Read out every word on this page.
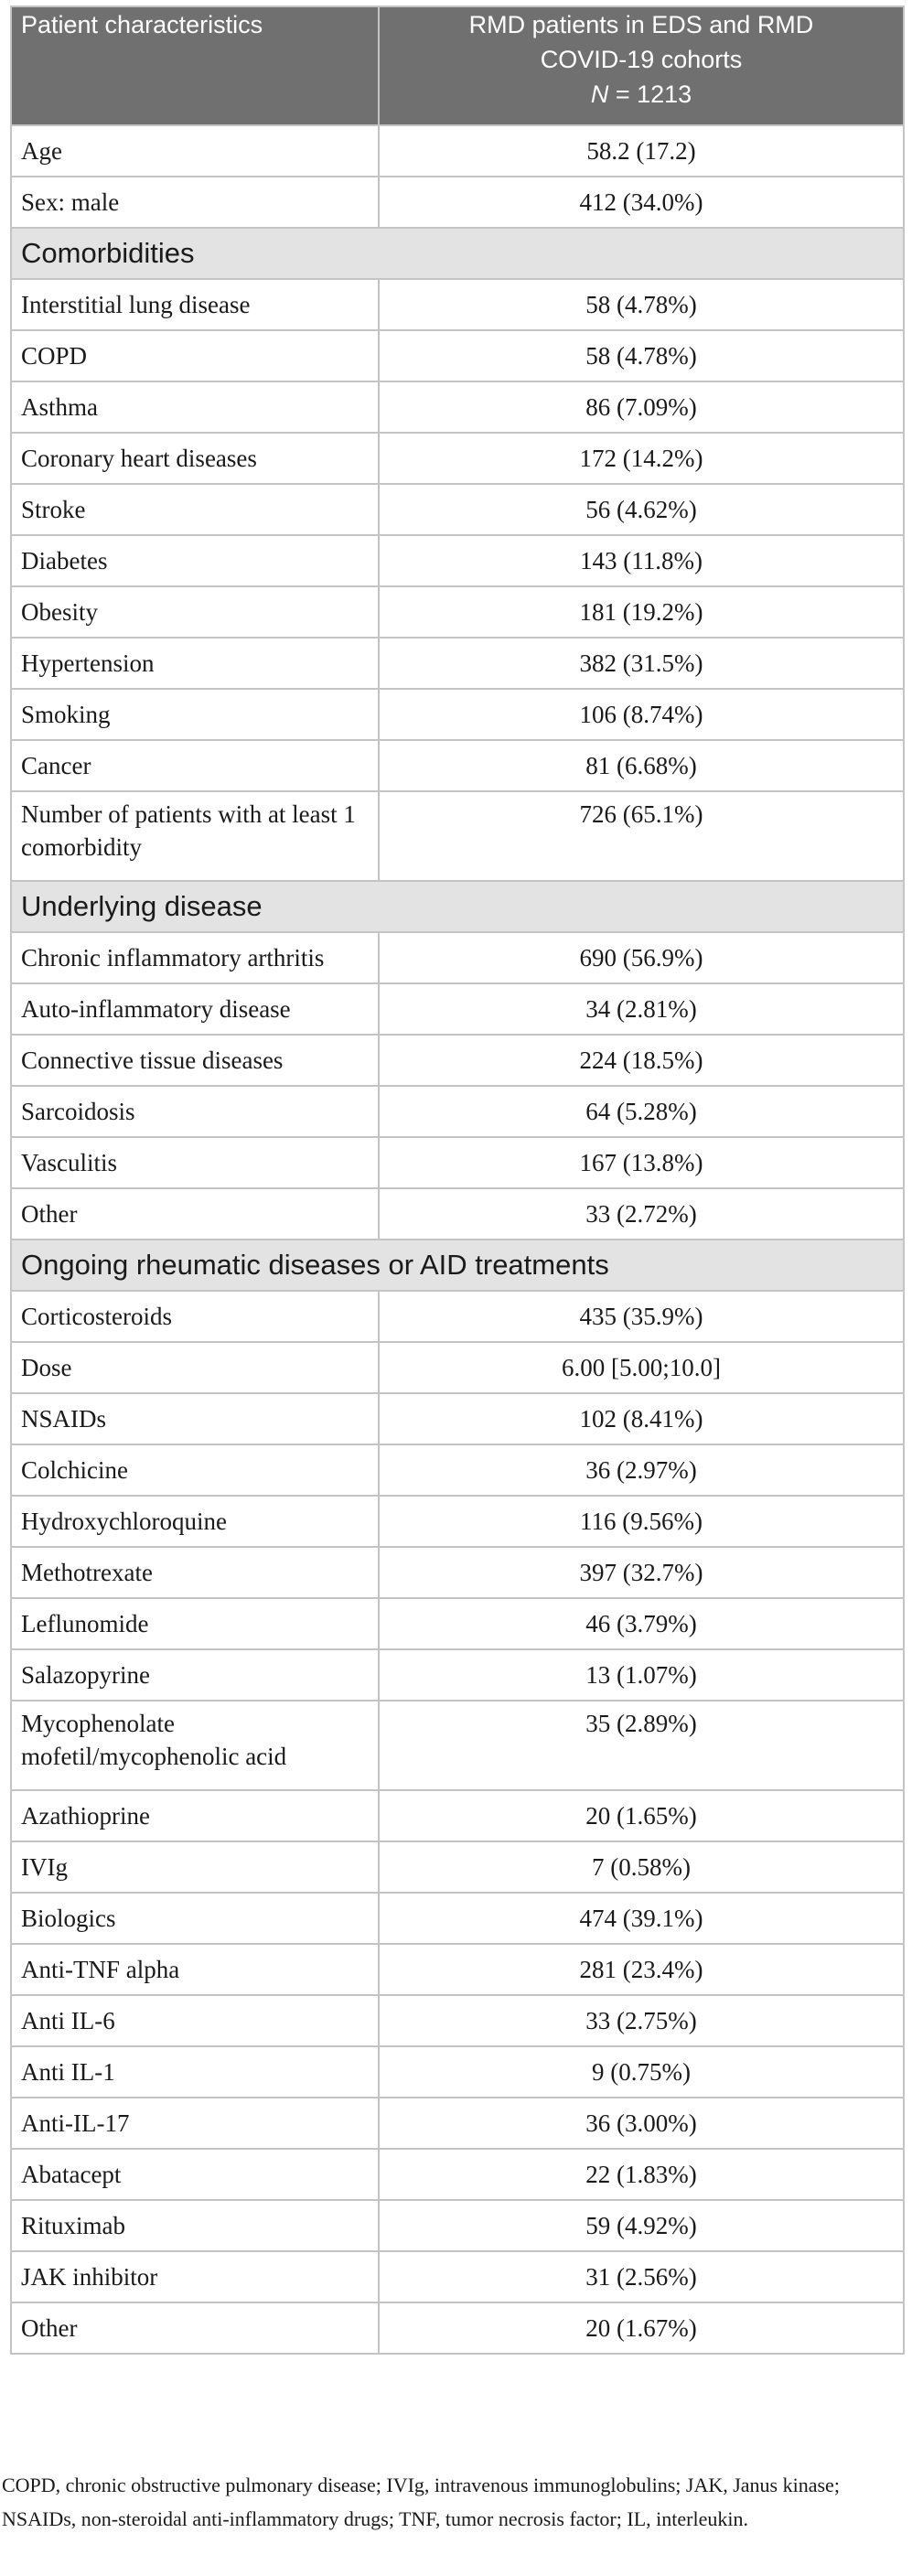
Patient characteristics	RMD patients in EDS and RMD
COVID-19 cohorts
N = 1213
Age	58.2 (17.2)
Sex: male	412 (34.0%)
Comorbidities	
Interstitial lung disease	58 (4.78%)
COPD	58 (4.78%)
Asthma	86 (7.09%)
Coronary heart diseases	172 (14.2%)
Stroke	56 (4.62%)
Diabetes	143 (11.8%)
Obesity	181 (19.2%)
Hypertension	382 (31.5%)
Smoking	106 (8.74%)
Cancer	81 (6.68%)
Number of patients with at least 1 comorbidity	726 (65.1%)
Underlying disease	
Chronic inflammatory arthritis	690 (56.9%)
Auto-inflammatory disease	34 (2.81%)
Connective tissue diseases	224 (18.5%)
Sarcoidosis	64 (5.28%)
Vasculitis	167 (13.8%)
Other	33 (2.72%)
Ongoing rheumatic diseases or AID treatments	
Corticosteroids	435 (35.9%)
Dose	6.00 [5.00;10.0]
NSAIDs	102 (8.41%)
Colchicine	36 (2.97%)
Hydroxychloroquine	116 (9.56%)
Methotrexate	397 (32.7%)
Leflunomide	46 (3.79%)
Salazopyrine	13 (1.07%)
Mycophenolate mofetil/mycophenolic acid	35 (2.89%)
Azathioprine	20 (1.65%)
IVIg	7 (0.58%)
Biologics	474 (39.1%)
Anti-TNF alpha	281 (23.4%)
Anti IL-6	33 (2.75%)
Anti IL-1	9 (0.75%)
Anti-IL-17	36 (3.00%)
Abatacept	22 (1.83%)
Rituximab	59 (4.92%)
JAK inhibitor	31 (2.56%)
Other	20 (1.67%)
COPD, chronic obstructive pulmonary disease; IVIg, intravenous immunoglobulins; JAK, Janus kinase; NSAIDs, non-steroidal anti-inflammatory drugs; TNF, tumor necrosis factor; IL, interleukin.
